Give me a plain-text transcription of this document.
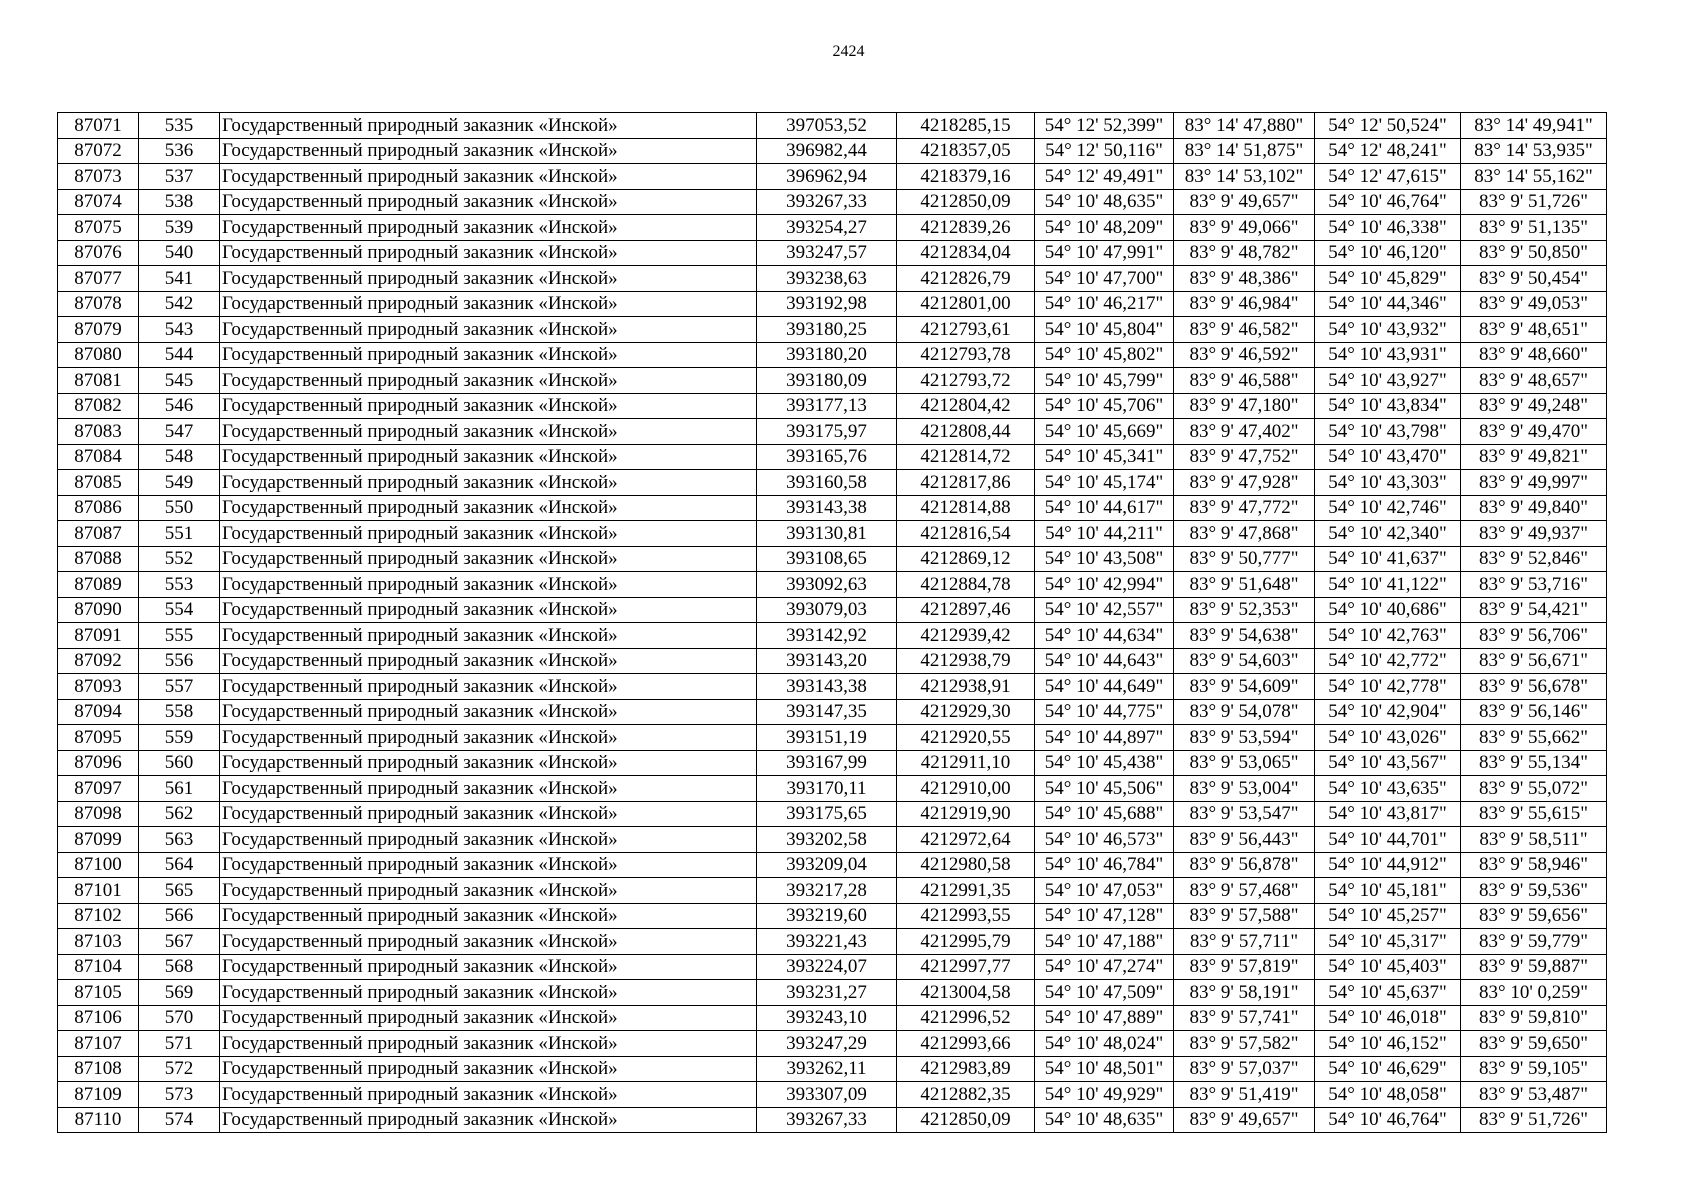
2424
87071	535	Государственный природный заказник «Инской»	397053,52	4218285,15	54° 12' 52,399"	83° 14' 47,880"	54° 12' 50,524"	83° 14' 49,941"
87072	536	Государственный природный заказник «Инской»	396982,44	4218357,05	54° 12' 50,116"	83° 14' 51,875"	54° 12' 48,241"	83° 14' 53,935"
87073	537	Государственный природный заказник «Инской»	396962,94	4218379,16	54° 12' 49,491"	83° 14' 53,102"	54° 12' 47,615"	83° 14' 55,162"
87074	538	Государственный природный заказник «Инской»	393267,33	4212850,09	54° 10' 48,635"	83° 9' 49,657"	54° 10' 46,764"	83° 9' 51,726"
87075	539	Государственный природный заказник «Инской»	393254,27	4212839,26	54° 10' 48,209"	83° 9' 49,066"	54° 10' 46,338"	83° 9' 51,135"
87076	540	Государственный природный заказник «Инской»	393247,57	4212834,04	54° 10' 47,991"	83° 9' 48,782"	54° 10' 46,120"	83° 9' 50,850"
87077	541	Государственный природный заказник «Инской»	393238,63	4212826,79	54° 10' 47,700"	83° 9' 48,386"	54° 10' 45,829"	83° 9' 50,454"
87078	542	Государственный природный заказник «Инской»	393192,98	4212801,00	54° 10' 46,217"	83° 9' 46,984"	54° 10' 44,346"	83° 9' 49,053"
87079	543	Государственный природный заказник «Инской»	393180,25	4212793,61	54° 10' 45,804"	83° 9' 46,582"	54° 10' 43,932"	83° 9' 48,651"
87080	544	Государственный природный заказник «Инской»	393180,20	4212793,78	54° 10' 45,802"	83° 9' 46,592"	54° 10' 43,931"	83° 9' 48,660"
87081	545	Государственный природный заказник «Инской»	393180,09	4212793,72	54° 10' 45,799"	83° 9' 46,588"	54° 10' 43,927"	83° 9' 48,657"
87082	546	Государственный природный заказник «Инской»	393177,13	4212804,42	54° 10' 45,706"	83° 9' 47,180"	54° 10' 43,834"	83° 9' 49,248"
87083	547	Государственный природный заказник «Инской»	393175,97	4212808,44	54° 10' 45,669"	83° 9' 47,402"	54° 10' 43,798"	83° 9' 49,470"
87084	548	Государственный природный заказник «Инской»	393165,76	4212814,72	54° 10' 45,341"	83° 9' 47,752"	54° 10' 43,470"	83° 9' 49,821"
87085	549	Государственный природный заказник «Инской»	393160,58	4212817,86	54° 10' 45,174"	83° 9' 47,928"	54° 10' 43,303"	83° 9' 49,997"
87086	550	Государственный природный заказник «Инской»	393143,38	4212814,88	54° 10' 44,617"	83° 9' 47,772"	54° 10' 42,746"	83° 9' 49,840"
87087	551	Государственный природный заказник «Инской»	393130,81	4212816,54	54° 10' 44,211"	83° 9' 47,868"	54° 10' 42,340"	83° 9' 49,937"
87088	552	Государственный природный заказник «Инской»	393108,65	4212869,12	54° 10' 43,508"	83° 9' 50,777"	54° 10' 41,637"	83° 9' 52,846"
87089	553	Государственный природный заказник «Инской»	393092,63	4212884,78	54° 10' 42,994"	83° 9' 51,648"	54° 10' 41,122"	83° 9' 53,716"
87090	554	Государственный природный заказник «Инской»	393079,03	4212897,46	54° 10' 42,557"	83° 9' 52,353"	54° 10' 40,686"	83° 9' 54,421"
87091	555	Государственный природный заказник «Инской»	393142,92	4212939,42	54° 10' 44,634"	83° 9' 54,638"	54° 10' 42,763"	83° 9' 56,706"
87092	556	Государственный природный заказник «Инской»	393143,20	4212938,79	54° 10' 44,643"	83° 9' 54,603"	54° 10' 42,772"	83° 9' 56,671"
87093	557	Государственный природный заказник «Инской»	393143,38	4212938,91	54° 10' 44,649"	83° 9' 54,609"	54° 10' 42,778"	83° 9' 56,678"
87094	558	Государственный природный заказник «Инской»	393147,35	4212929,30	54° 10' 44,775"	83° 9' 54,078"	54° 10' 42,904"	83° 9' 56,146"
87095	559	Государственный природный заказник «Инской»	393151,19	4212920,55	54° 10' 44,897"	83° 9' 53,594"	54° 10' 43,026"	83° 9' 55,662"
87096	560	Государственный природный заказник «Инской»	393167,99	4212911,10	54° 10' 45,438"	83° 9' 53,065"	54° 10' 43,567"	83° 9' 55,134"
87097	561	Государственный природный заказник «Инской»	393170,11	4212910,00	54° 10' 45,506"	83° 9' 53,004"	54° 10' 43,635"	83° 9' 55,072"
87098	562	Государственный природный заказник «Инской»	393175,65	4212919,90	54° 10' 45,688"	83° 9' 53,547"	54° 10' 43,817"	83° 9' 55,615"
87099	563	Государственный природный заказник «Инской»	393202,58	4212972,64	54° 10' 46,573"	83° 9' 56,443"	54° 10' 44,701"	83° 9' 58,511"
87100	564	Государственный природный заказник «Инской»	393209,04	4212980,58	54° 10' 46,784"	83° 9' 56,878"	54° 10' 44,912"	83° 9' 58,946"
87101	565	Государственный природный заказник «Инской»	393217,28	4212991,35	54° 10' 47,053"	83° 9' 57,468"	54° 10' 45,181"	83° 9' 59,536"
87102	566	Государственный природный заказник «Инской»	393219,60	4212993,55	54° 10' 47,128"	83° 9' 57,588"	54° 10' 45,257"	83° 9' 59,656"
87103	567	Государственный природный заказник «Инской»	393221,43	4212995,79	54° 10' 47,188"	83° 9' 57,711"	54° 10' 45,317"	83° 9' 59,779"
87104	568	Государственный природный заказник «Инской»	393224,07	4212997,77	54° 10' 47,274"	83° 9' 57,819"	54° 10' 45,403"	83° 9' 59,887"
87105	569	Государственный природный заказник «Инской»	393231,27	4213004,58	54° 10' 47,509"	83° 9' 58,191"	54° 10' 45,637"	83° 10' 0,259"
87106	570	Государственный природный заказник «Инской»	393243,10	4212996,52	54° 10' 47,889"	83° 9' 57,741"	54° 10' 46,018"	83° 9' 59,810"
87107	571	Государственный природный заказник «Инской»	393247,29	4212993,66	54° 10' 48,024"	83° 9' 57,582"	54° 10' 46,152"	83° 9' 59,650"
87108	572	Государственный природный заказник «Инской»	393262,11	4212983,89	54° 10' 48,501"	83° 9' 57,037"	54° 10' 46,629"	83° 9' 59,105"
87109	573	Государственный природный заказник «Инской»	393307,09	4212882,35	54° 10' 49,929"	83° 9' 51,419"	54° 10' 48,058"	83° 9' 53,487"
87110	574	Государственный природный заказник «Инской»	393267,33	4212850,09	54° 10' 48,635"	83° 9' 49,657"	54° 10' 46,764"	83° 9' 51,726"
